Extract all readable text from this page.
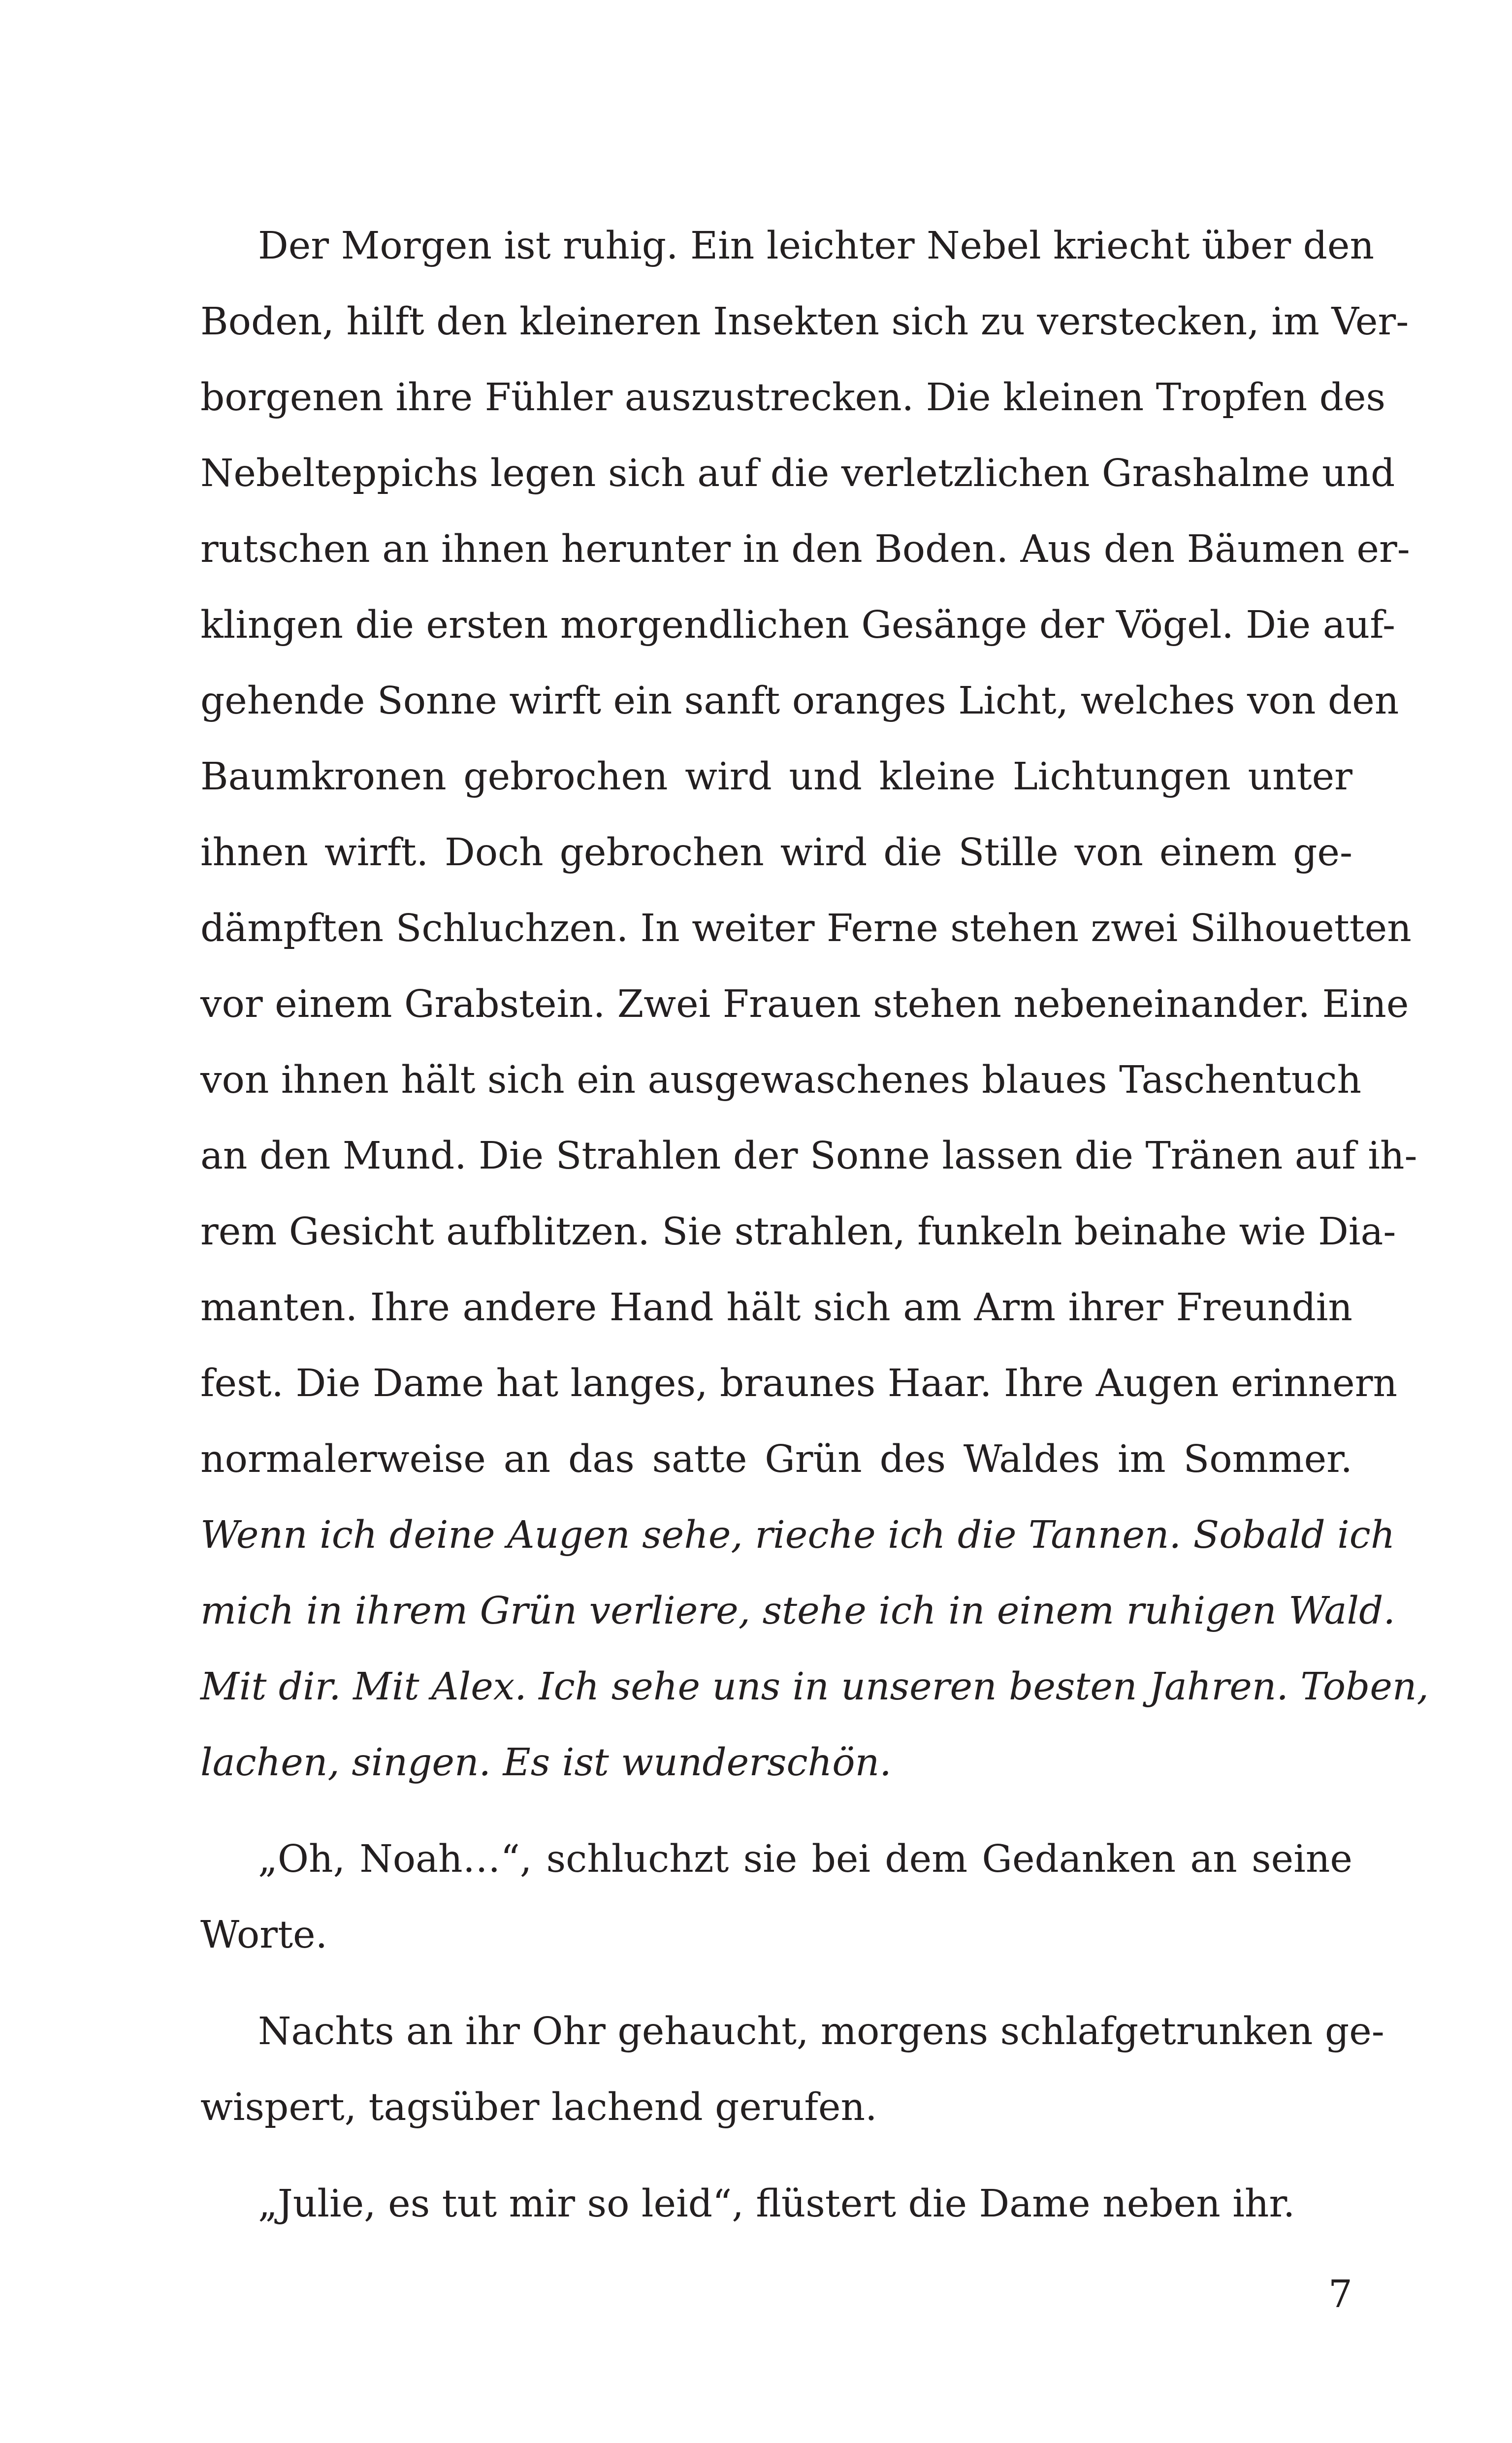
Der Morgen ist ruhig. Ein leichter Nebel kriecht über den
Boden, hilft den kleineren Insekten sich zu verstecken, im Ver-
borgenen ihre Fühler auszustrecken. Die kleinen Tropfen des
Nebelteppichs legen sich auf die verletzlichen Grashalme und
rutschen an ihnen herunter in den Boden. Aus den Bäumen er-
klingen die ersten morgendlichen Gesänge der Vögel. Die auf-
gehende Sonne wirft ein sanft oranges Licht, welches von den
Baumkronen gebrochen wird und kleine Lichtungen unter
ihnen wirft. Doch gebrochen wird die Stille von einem ge-
dämpften Schluchzen. In weiter Ferne stehen zwei Silhouetten
vor einem Grabstein. Zwei Frauen stehen nebeneinander. Eine
von ihnen hält sich ein ausgewaschenes blaues Taschentuch
an den Mund. Die Strahlen der Sonne lassen die Tränen auf ih-
rem Gesicht aufblitzen. Sie strahlen, funkeln beinahe wie Dia-
manten. Ihre andere Hand hält sich am Arm ihrer Freundin
fest. Die Dame hat langes, braunes Haar. Ihre Augen erinnern
normalerweise an das satte Grün des Waldes im Sommer.
Wenn ich deine Augen sehe, rieche ich die Tannen. Sobald ich
mich in ihrem Grün verliere, stehe ich in einem ruhigen Wald.
Mit dir. Mit Alex. Ich sehe uns in unseren besten Jahren. Toben,
lachen, singen. Es ist wunderschön.
„Oh, Noah…“, schluchzt sie bei dem Gedanken an seine
Worte.
Nachts an ihr Ohr gehaucht, morgens schlafgetrunken ge-
wispert, tagsüber lachend gerufen.
„Julie, es tut mir so leid“, flüstert die Dame neben ihr.
7
